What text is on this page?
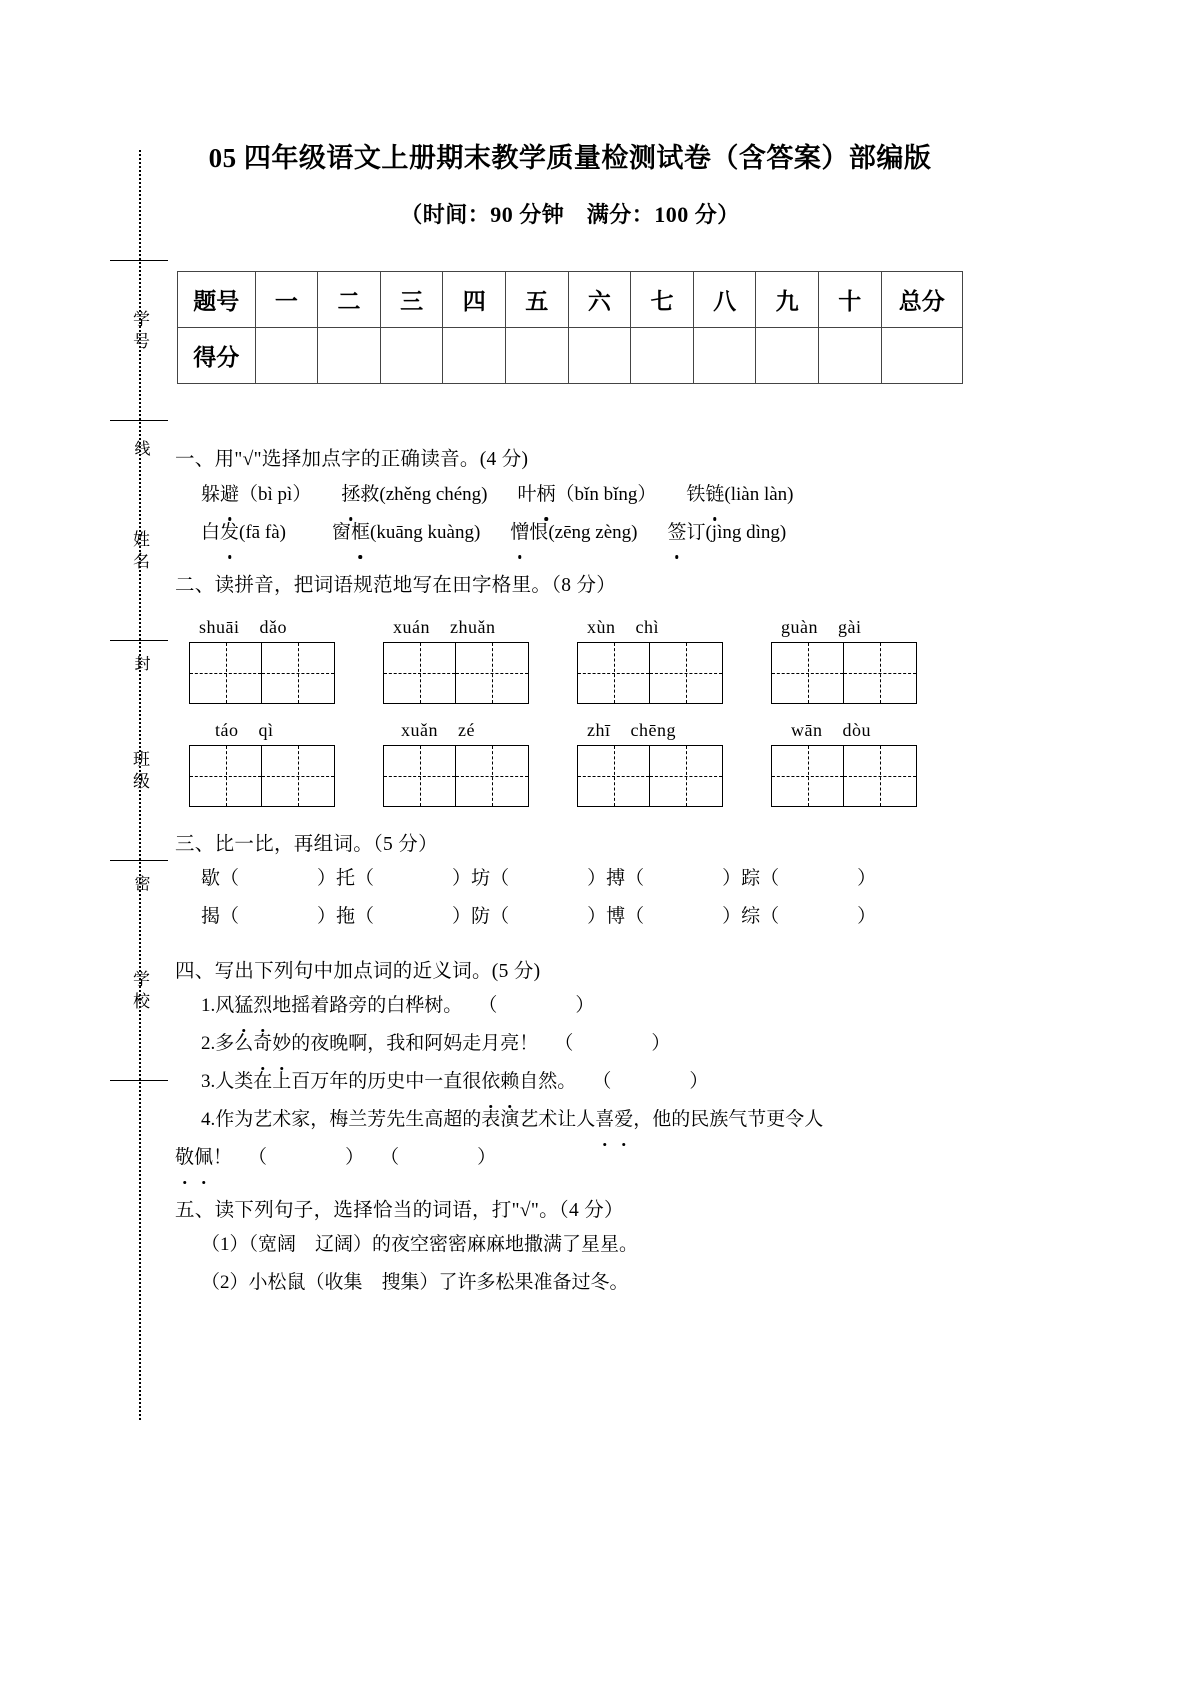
学号
线
姓名
封
班级
密
学校
05 四年级语文上册期末教学质量检测试卷（含答案）部编版
（时间：90 分钟　满分：100 分）
题号	一	二	三	四	五	六	七	八	九	十	总分
得分											
一、用"√"选择加点字的正确读音。(4 分)
躲避（bì pì） 拯救(zhěng chéng) 叶柄（bǐn bǐng） 铁链(liàn làn)
白发(fā fà) 窗框(kuāng kuàng) 憎恨(zēng zèng) 签订(jìng dìng)
二、读拼音，把词语规范地写在田字格里。（8 分）
shuāi dǎo	xuán zhuǎn	xùn chì	guàn gài
táo qì	xuǎn zé	zhī chēng	wān dòu
三、比一比，再组词。（5 分）
歇（	）托（	）坊（	）搏（	）踪（	）
揭（	）拖（	）防（	）博（	）综（	）
四、写出下列句中加点词的近义词。(5 分)
1.风猛烈地摇着路旁的白桦树。 （	）
2.多么奇妙的夜晚啊，我和阿妈走月亮！ （	）
3.人类在上百万年的历史中一直很依赖自然。 （	）
4.作为艺术家，梅兰芳先生高超的表演艺术让人喜爱，他的民族气节更令人
敬佩！ （	） （	）
五、读下列句子，选择恰当的词语，打"√"。（4 分）
（1）（宽阔　辽阔）的夜空密密麻麻地撒满了星星。
（2）小松鼠（收集　搜集）了许多松果准备过冬。
